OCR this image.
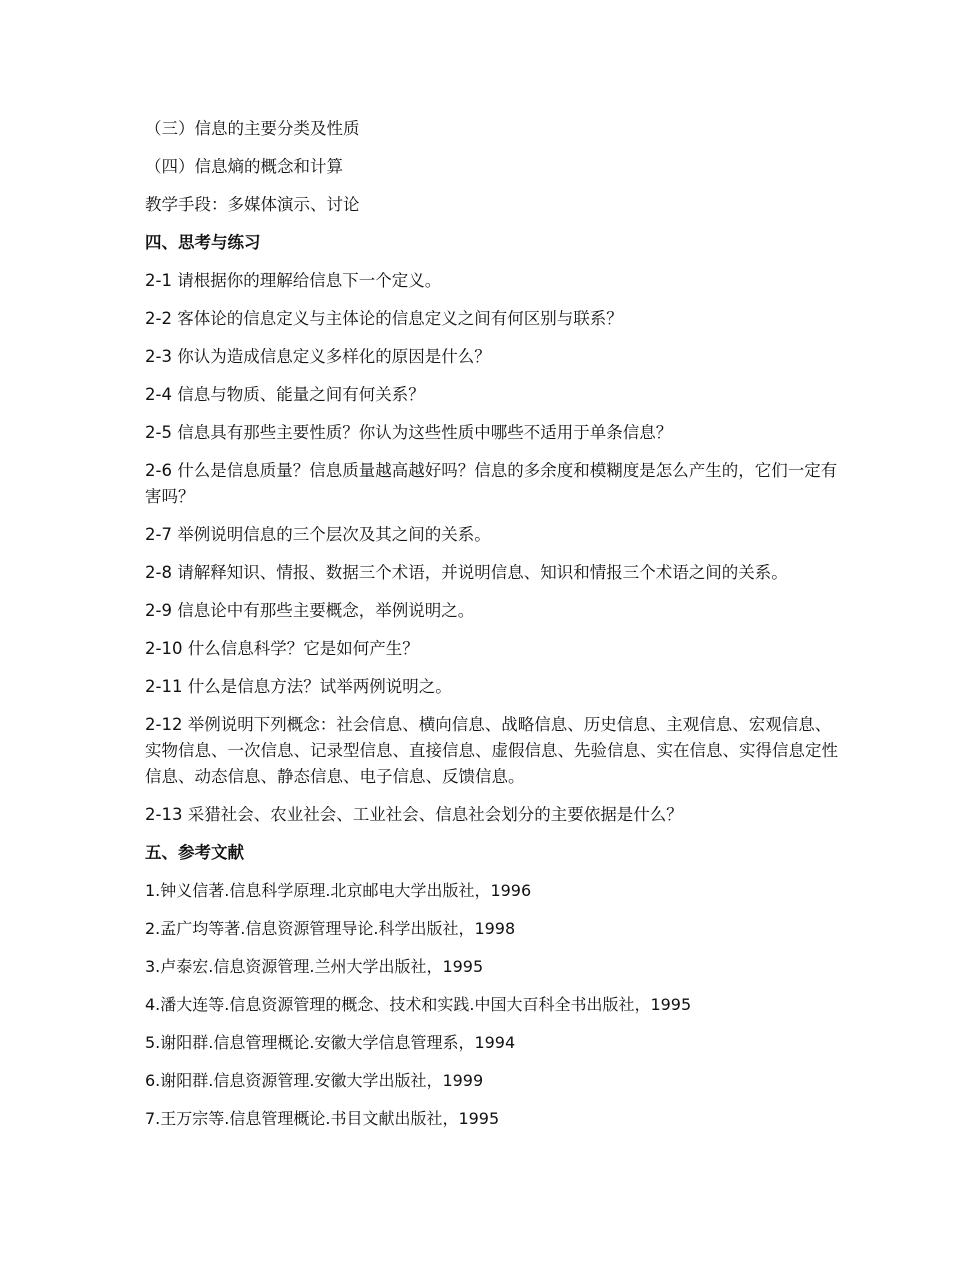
（三）信息的主要分类及性质

（四）信息熵的概念和计算

教学手段：多媒体演示、讨论

四、思考与练习

2-1 请根据你的理解给信息下一个定义。

2-2 客体论的信息定义与主体论的信息定义之间有何区别与联系？

2-3 你认为造成信息定义多样化的原因是什么？

2-4 信息与物质、能量之间有何关系？

2-5 信息具有那些主要性质？你认为这些性质中哪些不适用于单条信息？

2-6 什么是信息质量？信息质量越高越好吗？信息的多余度和模糊度是怎么产生的，它们一定有害吗？

2-7 举例说明信息的三个层次及其之间的关系。

2-8 请解释知识、情报、数据三个术语，并说明信息、知识和情报三个术语之间的关系。

2-9 信息论中有那些主要概念，举例说明之。

2-10 什么信息科学？它是如何产生？

2-11 什么是信息方法？试举两例说明之。

2-12 举例说明下列概念：社会信息、横向信息、战略信息、历史信息、主观信息、宏观信息、实物信息、一次信息、记录型信息、直接信息、虚假信息、先验信息、实在信息、实得信息定性信息、动态信息、静态信息、电子信息、反馈信息。

2-13 采猎社会、农业社会、工业社会、信息社会划分的主要依据是什么？

五、参考文献

1.钟义信著.信息科学原理.北京邮电大学出版社，1996

2.孟广均等著.信息资源管理导论.科学出版社，1998

3.卢泰宏.信息资源管理.兰州大学出版社，1995

4.潘大连等.信息资源管理的概念、技术和实践.中国大百科全书出版社，1995

5.谢阳群.信息管理概论.安徽大学信息管理系，1994

6.谢阳群.信息资源管理.安徽大学出版社，1999

7.王万宗等.信息管理概论.书目文献出版社，1995
